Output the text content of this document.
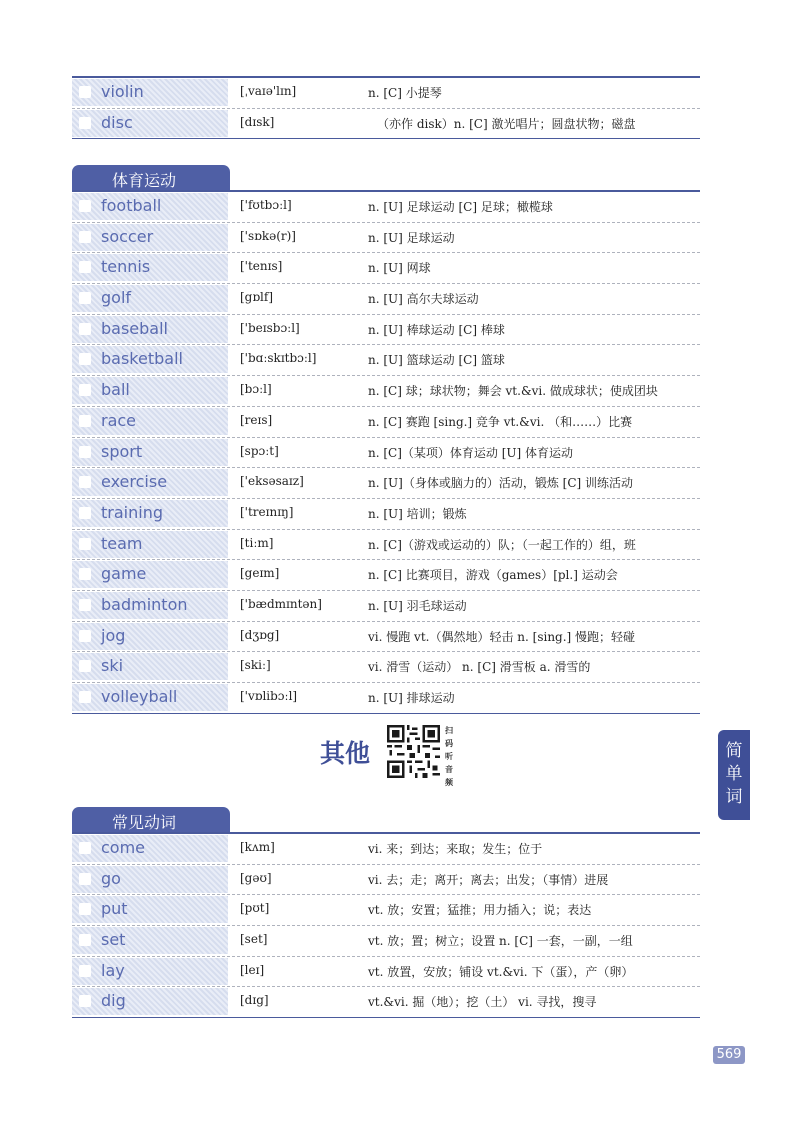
violin	[ˌvaɪə'lɪn]	n. [C] 小提琴
disc	[dɪsk]	（亦作 disk）n. [C] 激光唱片；圆盘状物；磁盘
体育运动
football	['fʊtbɔːl]	n. [U] 足球运动 [C] 足球；橄榄球
soccer	['sɒkə(r)]	n. [U] 足球运动
tennis	['tenɪs]	n. [U] 网球
golf	[gɒlf]	n. [U] 高尔夫球运动
baseball	['beɪsbɔːl]	n. [U] 棒球运动 [C] 棒球
basketball	['bɑːskɪtbɔːl]	n. [U] 篮球运动 [C] 篮球
ball	[bɔːl]	n. [C] 球；球状物；舞会 vt.&vi. 做成球状；使成团块
race	[reɪs]	n. [C] 赛跑 [sing.] 竞争 vt.&vi. （和……）比赛
sport	[spɔːt]	n. [C]（某项）体育运动 [U] 体育运动
exercise	['eksəsaɪz]	n. [U]（身体或脑力的）活动，锻炼 [C] 训练活动
training	['treɪnɪŋ]	n. [U] 培训；锻炼
team	[tiːm]	n. [C]（游戏或运动的）队；（一起工作的）组，班
game	[geɪm]	n. [C] 比赛项目，游戏（games）[pl.] 运动会
badminton	['bædmɪntən]	n. [U] 羽毛球运动
jog	[dʒɒg]	vi. 慢跑 vt.（偶然地）轻击 n. [sing.] 慢跑；轻碰
ski	[skiː]	vi. 滑雪（运动） n. [C] 滑雪板 a. 滑雪的
volleyball	['vɒlibɔːl]	n. [U] 排球运动
其他
扫码听音频
常见动词
come	[kʌm]	vi. 来；到达；来取；发生；位于
go	[gəʊ]	vi. 去；走；离开；离去；出发；（事情）进展
put	[pʊt]	vt. 放；安置；猛推；用力插入；说；表达
set	[set]	vt. 放；置；树立；设置 n. [C] 一套，一副，一组
lay	[leɪ]	vt. 放置，安放；铺设 vt.&vi. 下（蛋），产（卵）
dig	[dɪg]	vt.&vi. 掘（地）；挖（土） vi. 寻找，搜寻
简
单
词
569
